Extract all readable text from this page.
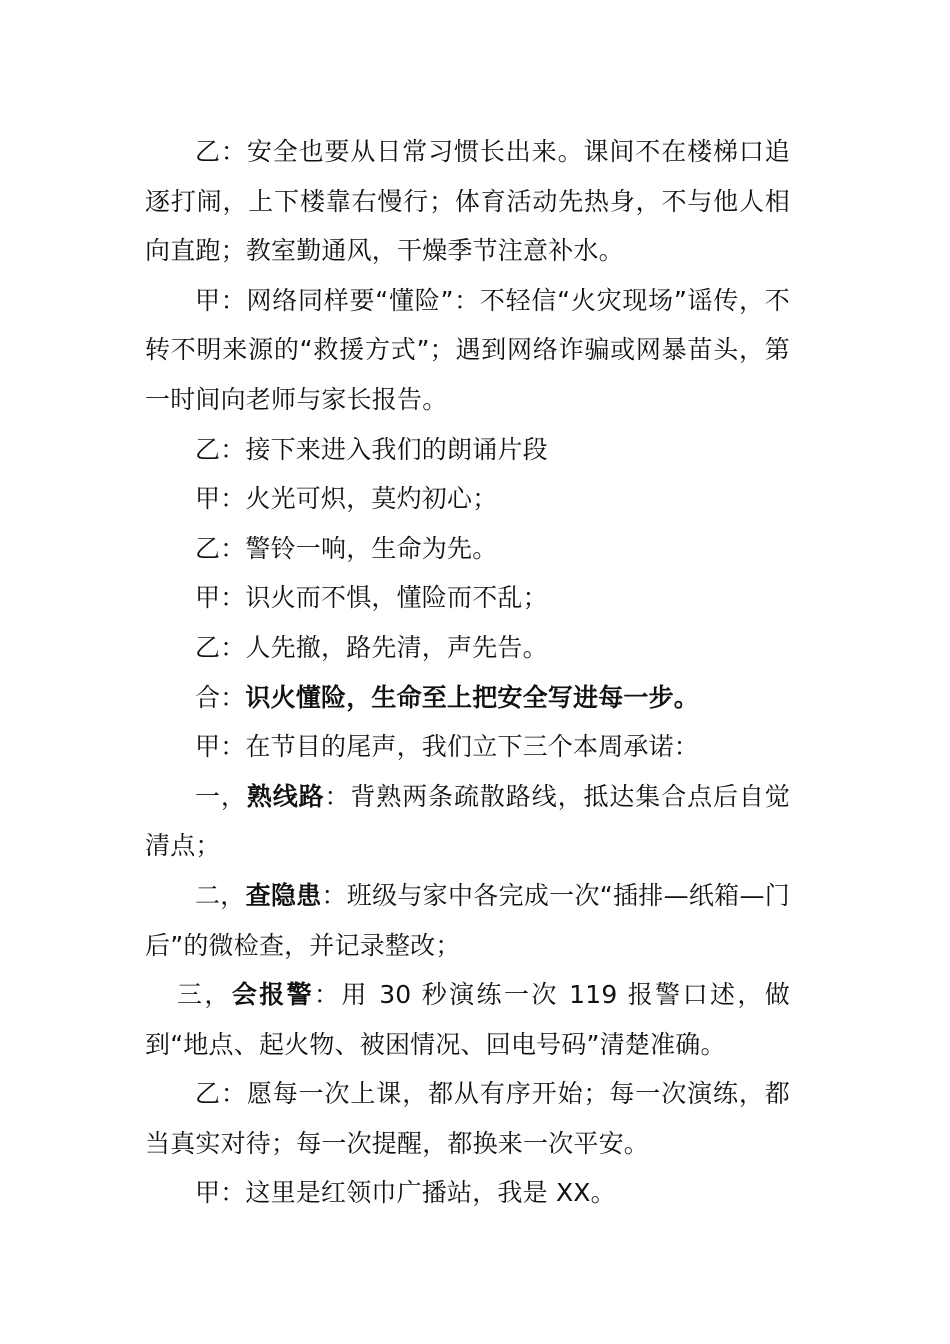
乙：安全也要从日常习惯长出来。课间不在楼梯口追逐打闹，上下楼靠右慢行；体育活动先热身，不与他人相向直跑；教室勤通风，干燥季节注意补水。

甲：网络同样要“懂险”：不轻信“火灾现场”谣传，不转不明来源的“救援方式”；遇到网络诈骗或网暴苗头，第一时间向老师与家长报告。

乙：接下来进入我们的朗诵片段

甲：火光可炽，莫灼初心；

乙：警铃一响，生命为先。

甲：识火而不惧，懂险而不乱；

乙：人先撤，路先清，声先告。

合：识火懂险，生命至上把安全写进每一步。

甲：在节目的尾声，我们立下三个本周承诺：

一，熟线路：背熟两条疏散路线，抵达集合点后自觉清点；

二，查隐患：班级与家中各完成一次“插排—纸箱—门后”的微检查，并记录整改；

三，会报警：用 30 秒演练一次 119 报警口述，做到“地点、起火物、被困情况、回电号码”清楚准确。

乙：愿每一次上课，都从有序开始；每一次演练，都当真实对待；每一次提醒，都换来一次平安。

甲：这里是红领巾广播站，我是 XX。
